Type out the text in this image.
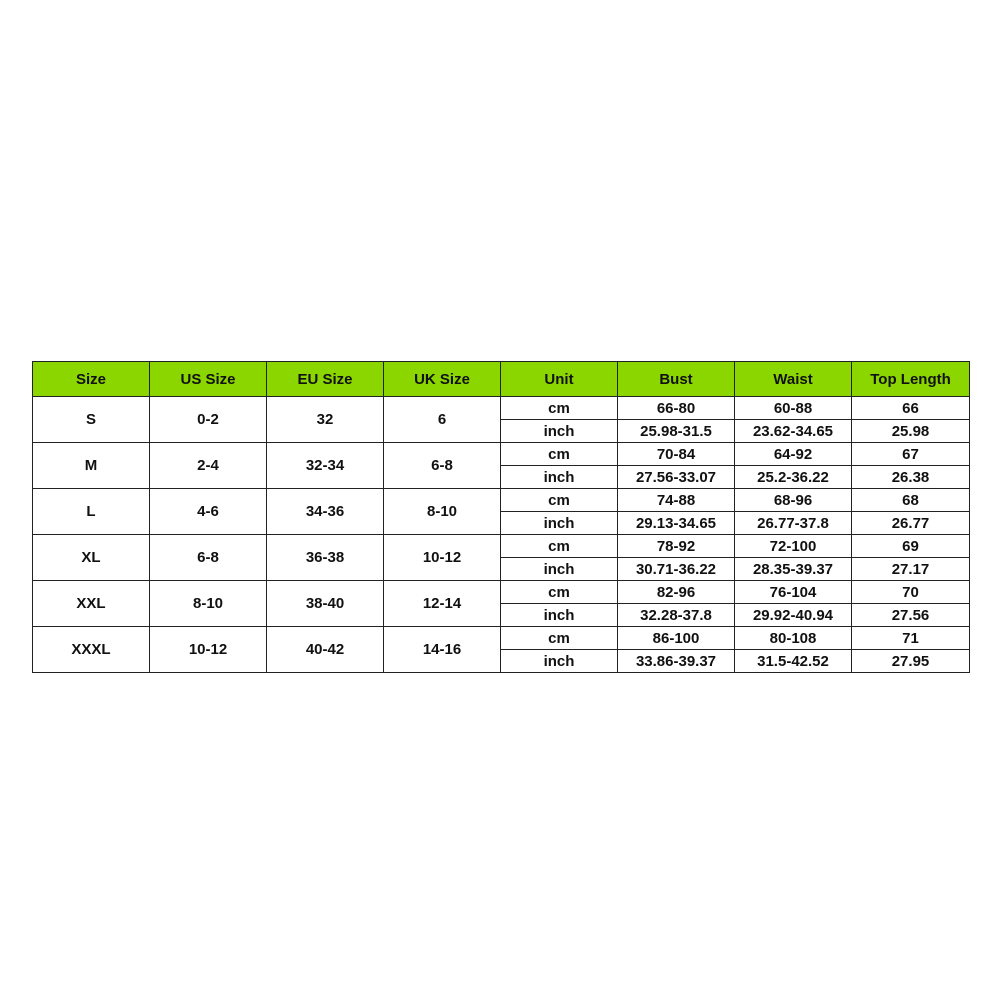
Size	US Size	EU Size	UK Size	Unit	Bust	Waist	Top Length
S	0-2	32	6	cm	66-80	60-88	66
				inch	25.98-31.5	23.62-34.65	25.98
M	2-4	32-34	6-8	cm	70-84	64-92	67
				inch	27.56-33.07	25.2-36.22	26.38
L	4-6	34-36	8-10	cm	74-88	68-96	68
				inch	29.13-34.65	26.77-37.8	26.77
XL	6-8	36-38	10-12	cm	78-92	72-100	69
				inch	30.71-36.22	28.35-39.37	27.17
XXL	8-10	38-40	12-14	cm	82-96	76-104	70
				inch	32.28-37.8	29.92-40.94	27.56
XXXL	10-12	40-42	14-16	cm	86-100	80-108	71
				inch	33.86-39.37	31.5-42.52	27.95
